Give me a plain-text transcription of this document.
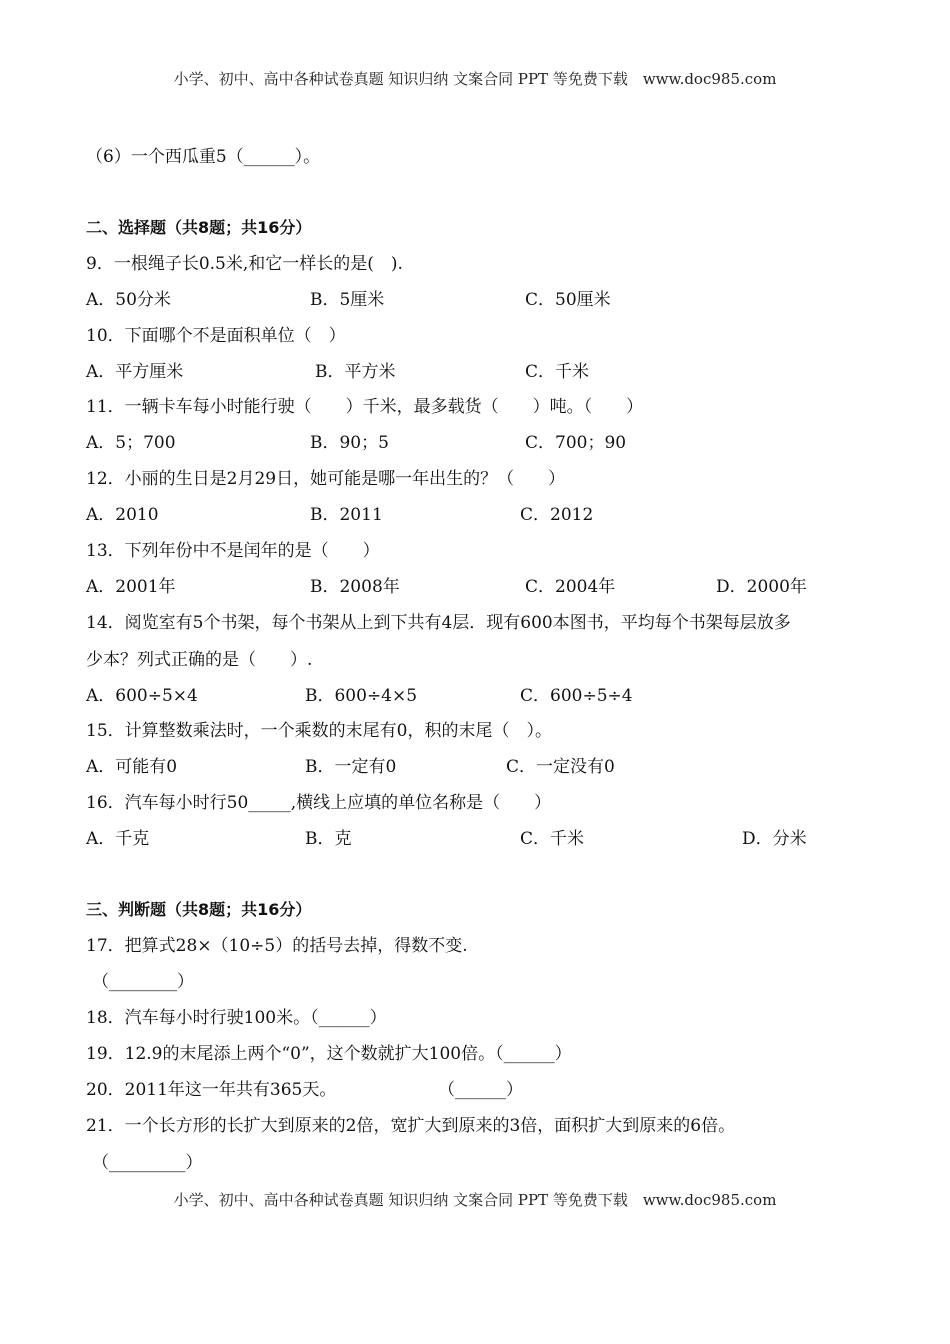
小学、初中、高中各种试卷真题 知识归纳 文案合同 PPT 等免费下载　www.doc985.com
（6）一个西瓜重5（______）。
二、选择题（共8题；共16分）
9．一根绳子长0.5米,和它一样长的是(　).
A．50分米	B．5厘米	C．50厘米
10．下面哪个不是面积单位（　）
A．平方厘米	B．平方米	C．千米
11．一辆卡车每小时能行驶（　　）千米，最多载货（　　）吨。（　　）
A．5；700	B．90；5	C．700；90
12．小丽的生日是2月29日，她可能是哪一年出生的？（　　）
A．2010	B．2011	C．2012
13．下列年份中不是闰年的是（　　）
A．2001年	B．2008年	C．2004年	D．2000年
14．阅览室有5个书架，每个书架从上到下共有4层．现有600本图书，平均每个书架每层放多
少本？列式正确的是（　　）.
A．600÷5×4	B．600÷4×5	C．600÷5÷4
15．计算整数乘法时，一个乘数的末尾有0，积的末尾（　）。
A．可能有0	B．一定有0	C．一定没有0
16．汽车每小时行50_____,横线上应填的单位名称是（　　）
A．千克	B．克	C．千米	D．分米
三、判断题（共8题；共16分）
17．把算式28×（10÷5）的括号去掉，得数不变.
（________）
18．汽车每小时行驶100米。（______）
19．12.9的末尾添上两个“0”，这个数就扩大100倍。（______）
20．2011年这一年共有365天。	（______）
21．一个长方形的长扩大到原来的2倍，宽扩大到原来的3倍，面积扩大到原来的6倍。
（_________）
小学、初中、高中各种试卷真题 知识归纳 文案合同 PPT 等免费下载　www.doc985.com
